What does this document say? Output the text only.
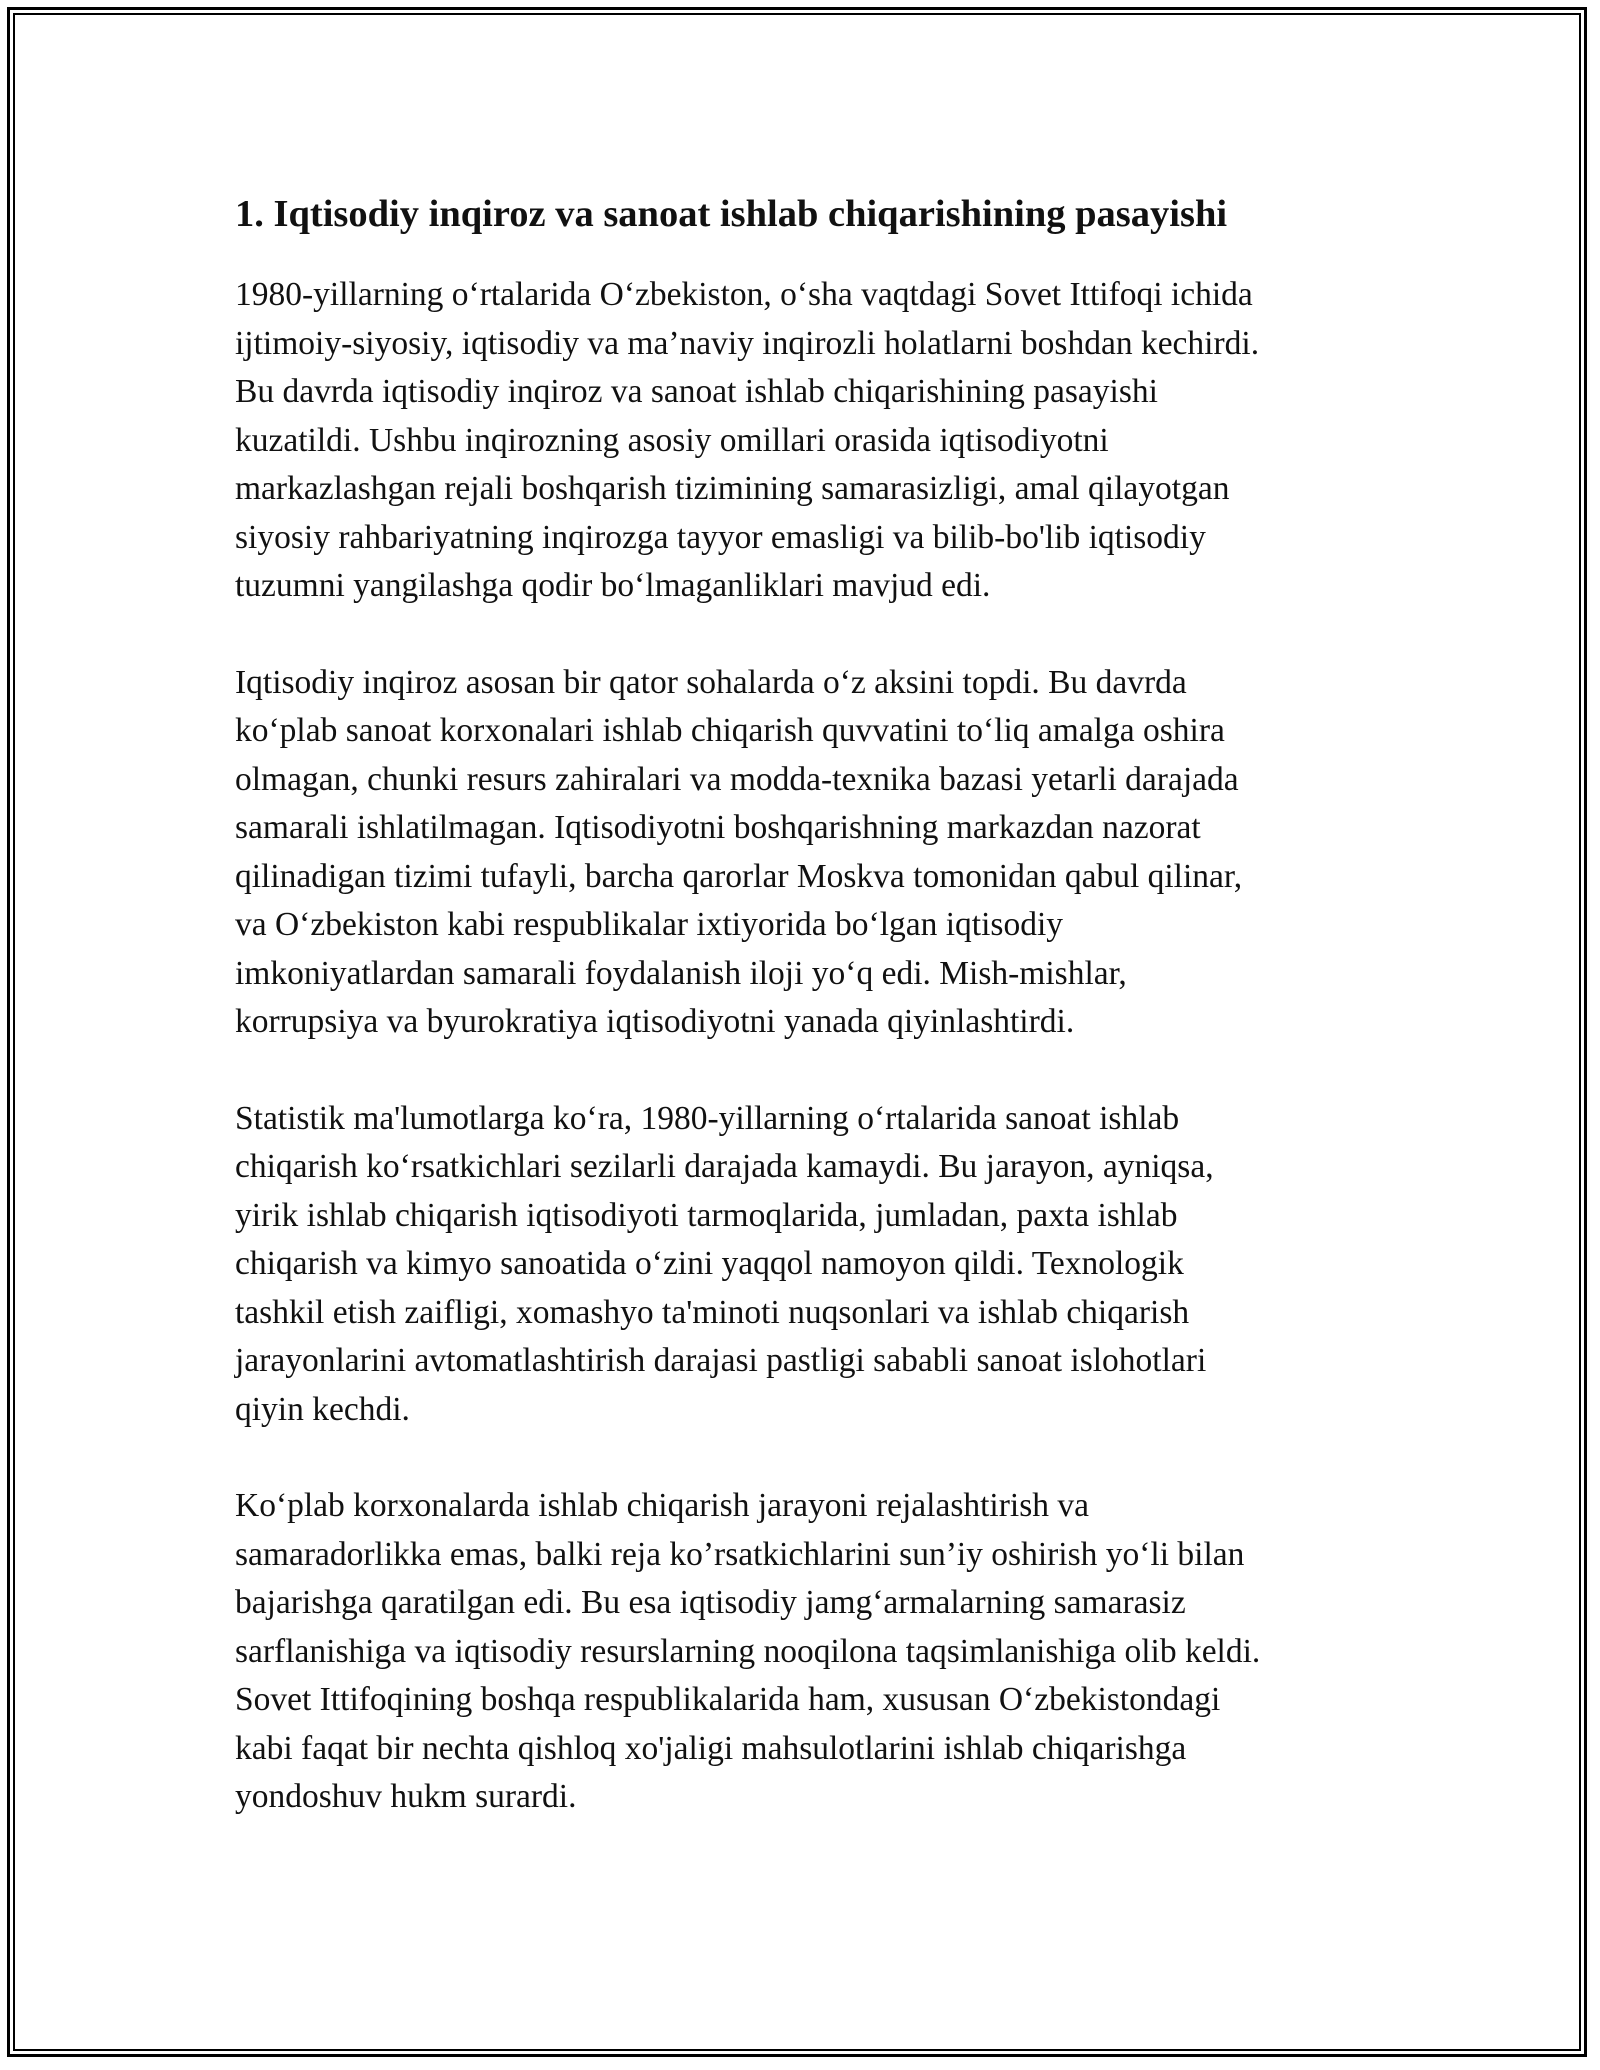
1. Iqtisodiy inqiroz va sanoat ishlab chiqarishining pasayishi

1980-yillarning oʻrtalarida Oʻzbekiston, oʻsha vaqtdagi Sovet Ittifoqi ichida
ijtimoiy-siyosiy, iqtisodiy va ma’naviy inqirozli holatlarni boshdan kechirdi.
Bu davrda iqtisodiy inqiroz va sanoat ishlab chiqarishining pasayishi
kuzatildi. Ushbu inqirozning asosiy omillari orasida iqtisodiyotni
markazlashgan rejali boshqarish tizimining samarasizligi, amal qilayotgan
siyosiy rahbariyatning inqirozga tayyor emasligi va bilib-bo'lib iqtisodiy
tuzumni yangilashga qodir boʻlmaganliklari mavjud edi.

Iqtisodiy inqiroz asosan bir qator sohalarda oʻz aksini topdi. Bu davrda
koʻplab sanoat korxonalari ishlab chiqarish quvvatini toʻliq amalga oshira
olmagan, chunki resurs zahiralari va modda-texnika bazasi yetarli darajada
samarali ishlatilmagan. Iqtisodiyotni boshqarishning markazdan nazorat
qilinadigan tizimi tufayli, barcha qarorlar Moskva tomonidan qabul qilinar,
va Oʻzbekiston kabi respublikalar ixtiyorida boʻlgan iqtisodiy
imkoniyatlardan samarali foydalanish iloji yoʻq edi. Mish-mishlar,
korrupsiya va byurokratiya iqtisodiyotni yanada qiyinlashtirdi.

Statistik ma'lumotlarga koʻra, 1980-yillarning oʻrtalarida sanoat ishlab
chiqarish koʻrsatkichlari sezilarli darajada kamaydi. Bu jarayon, ayniqsa,
yirik ishlab chiqarish iqtisodiyoti tarmoqlarida, jumladan, paxta ishlab
chiqarish va kimyo sanoatida oʻzini yaqqol namoyon qildi. Texnologik
tashkil etish zaifligi, xomashyo ta'minoti nuqsonlari va ishlab chiqarish
jarayonlarini avtomatlashtirish darajasi pastligi sababli sanoat islohotlari
qiyin kechdi.

Koʻplab korxonalarda ishlab chiqarish jarayoni rejalashtirish va
samaradorlikka emas, balki reja ko’rsatkichlarini sun’iy oshirish yoʻli bilan
bajarishga qaratilgan edi. Bu esa iqtisodiy jamgʻarmalarning samarasiz
sarflanishiga va iqtisodiy resurslarning nooqilona taqsimlanishiga olib keldi.
Sovet Ittifoqining boshqa respublikalarida ham, xususan Oʻzbekistondagi
kabi faqat bir nechta qishloq xo'jaligi mahsulotlarini ishlab chiqarishga
yondoshuv hukm surardi.
